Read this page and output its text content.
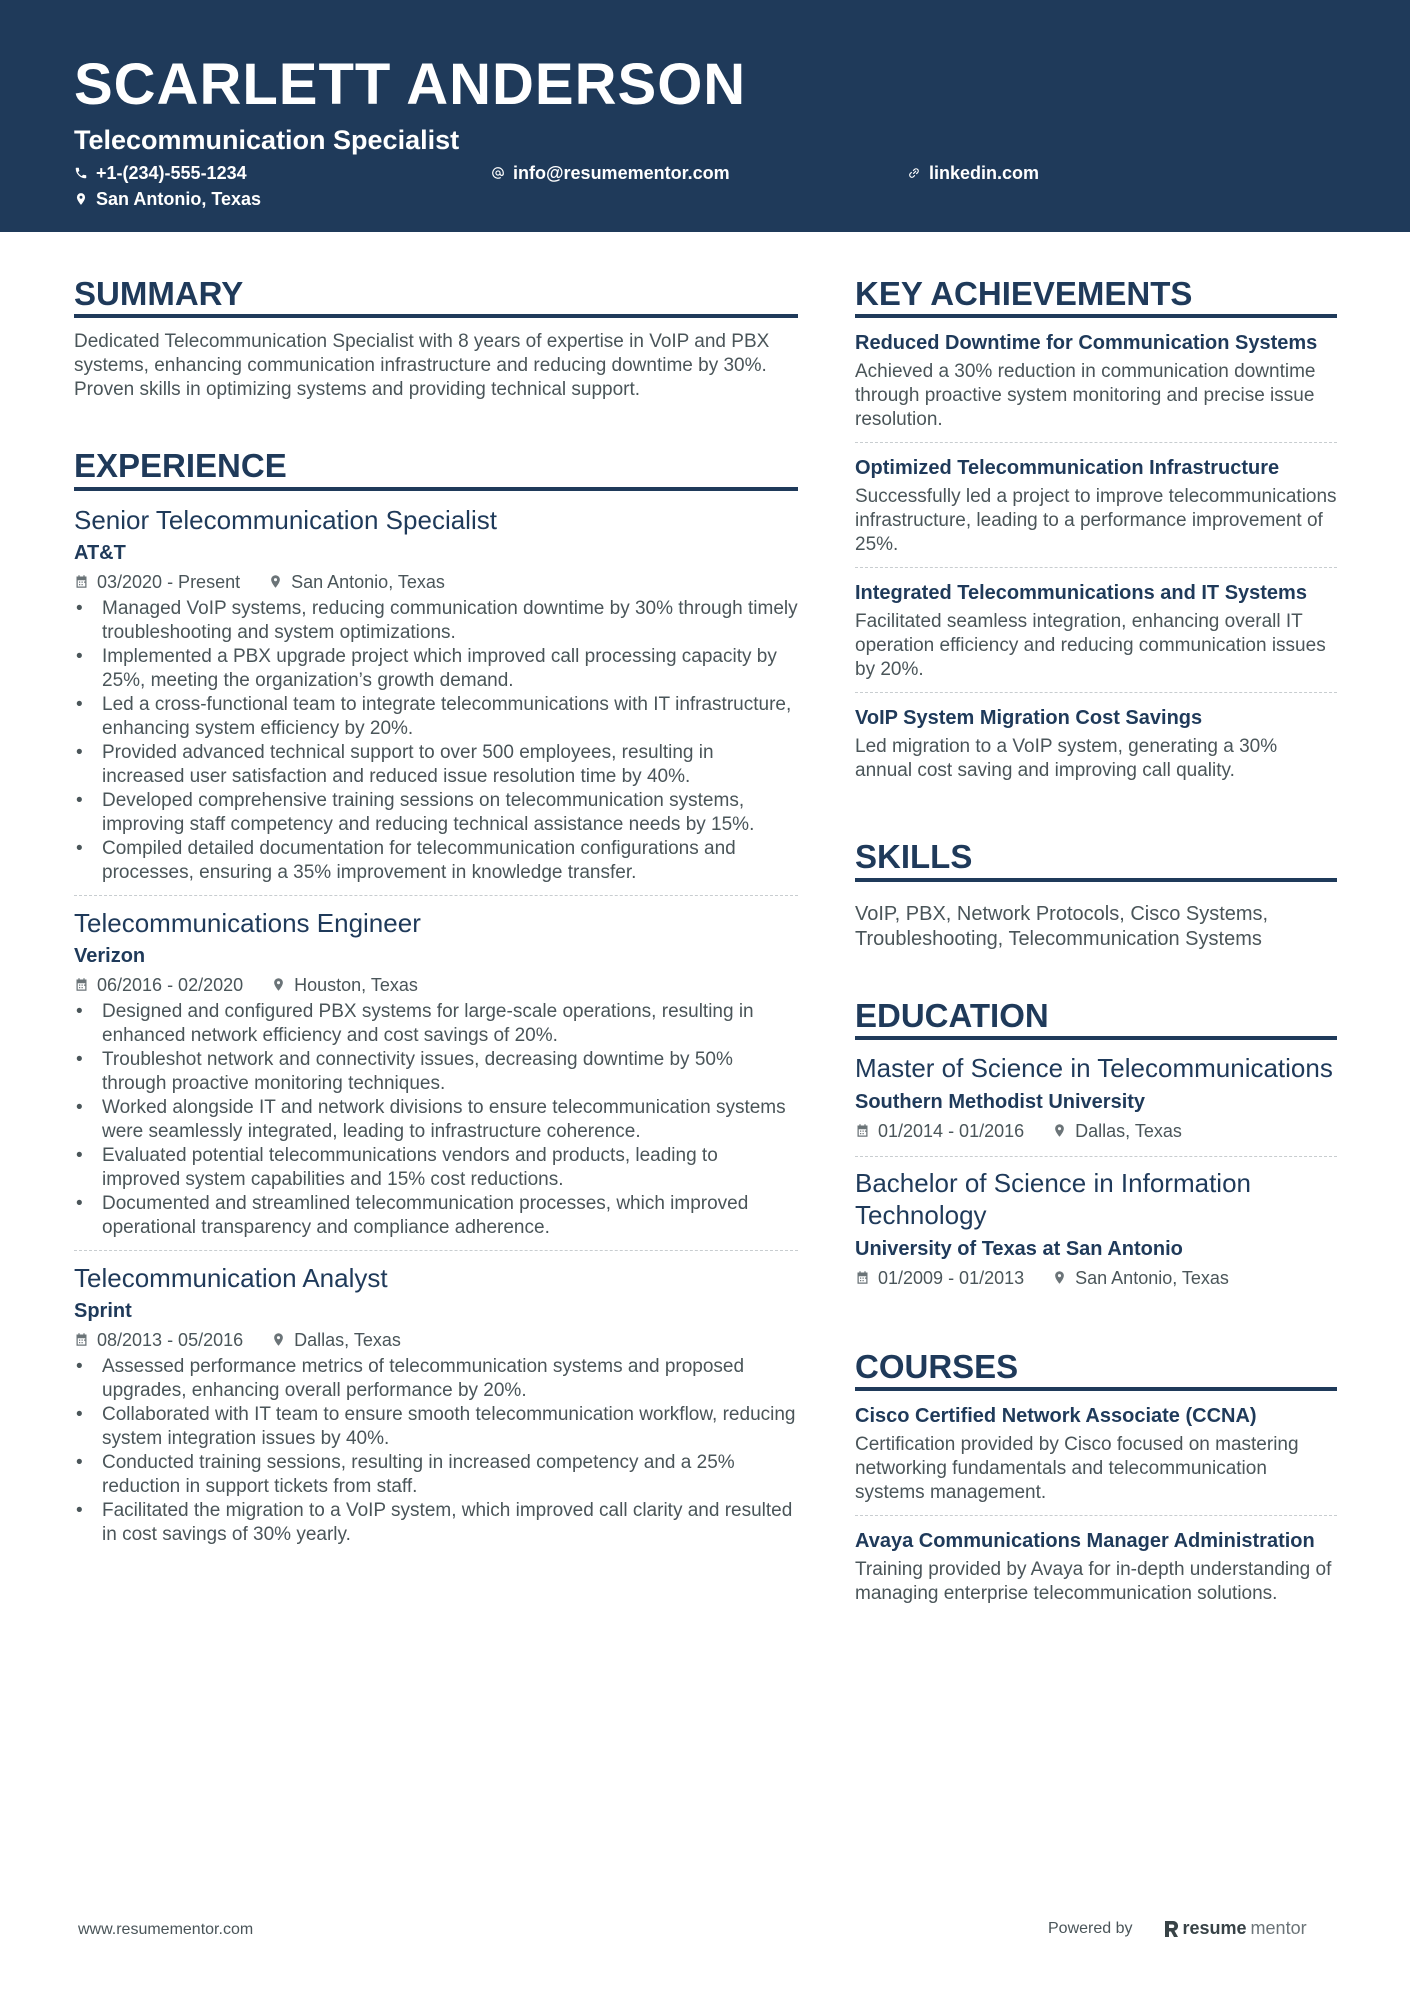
SCARLETT ANDERSON
Telecommunication Specialist
+1-(234)-555-1234	info@resumementor.com	linkedin.com
San Antonio, Texas
SUMMARY
Dedicated Telecommunication Specialist with 8 years of expertise in VoIP and PBX systems, enhancing communication infrastructure and reducing downtime by 30%. Proven skills in optimizing systems and providing technical support.
EXPERIENCE
Senior Telecommunication Specialist
AT&T
03/2020 - Present	San Antonio, Texas
• Managed VoIP systems, reducing communication downtime by 30% through timely troubleshooting and system optimizations.
• Implemented a PBX upgrade project which improved call processing capacity by 25%, meeting the organization’s growth demand.
• Led a cross-functional team to integrate telecommunications with IT infrastructure, enhancing system efficiency by 20%.
• Provided advanced technical support to over 500 employees, resulting in increased user satisfaction and reduced issue resolution time by 40%.
• Developed comprehensive training sessions on telecommunication systems, improving staff competency and reducing technical assistance needs by 15%.
• Compiled detailed documentation for telecommunication configurations and processes, ensuring a 35% improvement in knowledge transfer.
Telecommunications Engineer
Verizon
06/2016 - 02/2020	Houston, Texas
• Designed and configured PBX systems for large-scale operations, resulting in enhanced network efficiency and cost savings of 20%.
• Troubleshot network and connectivity issues, decreasing downtime by 50% through proactive monitoring techniques.
• Worked alongside IT and network divisions to ensure telecommunication systems were seamlessly integrated, leading to infrastructure coherence.
• Evaluated potential telecommunications vendors and products, leading to improved system capabilities and 15% cost reductions.
• Documented and streamlined telecommunication processes, which improved operational transparency and compliance adherence.
Telecommunication Analyst
Sprint
08/2013 - 05/2016	Dallas, Texas
• Assessed performance metrics of telecommunication systems and proposed upgrades, enhancing overall performance by 20%.
• Collaborated with IT team to ensure smooth telecommunication workflow, reducing system integration issues by 40%.
• Conducted training sessions, resulting in increased competency and a 25% reduction in support tickets from staff.
• Facilitated the migration to a VoIP system, which improved call clarity and resulted in cost savings of 30% yearly.
KEY ACHIEVEMENTS
Reduced Downtime for Communication Systems
Achieved a 30% reduction in communication downtime through proactive system monitoring and precise issue resolution.
Optimized Telecommunication Infrastructure
Successfully led a project to improve telecommunications infrastructure, leading to a performance improvement of 25%.
Integrated Telecommunications and IT Systems
Facilitated seamless integration, enhancing overall IT operation efficiency and reducing communication issues by 20%.
VoIP System Migration Cost Savings
Led migration to a VoIP system, generating a 30% annual cost saving and improving call quality.
SKILLS
VoIP, PBX, Network Protocols, Cisco Systems, Troubleshooting, Telecommunication Systems
EDUCATION
Master of Science in Telecommunications
Southern Methodist University
01/2014 - 01/2016	Dallas, Texas
Bachelor of Science in Information Technology
University of Texas at San Antonio
01/2009 - 01/2013	San Antonio, Texas
COURSES
Cisco Certified Network Associate (CCNA)
Certification provided by Cisco focused on mastering networking fundamentals and telecommunication systems management.
Avaya Communications Manager Administration
Training provided by Avaya for in-depth understanding of managing enterprise telecommunication solutions.
www.resumementor.com	Powered by	resume mentor
